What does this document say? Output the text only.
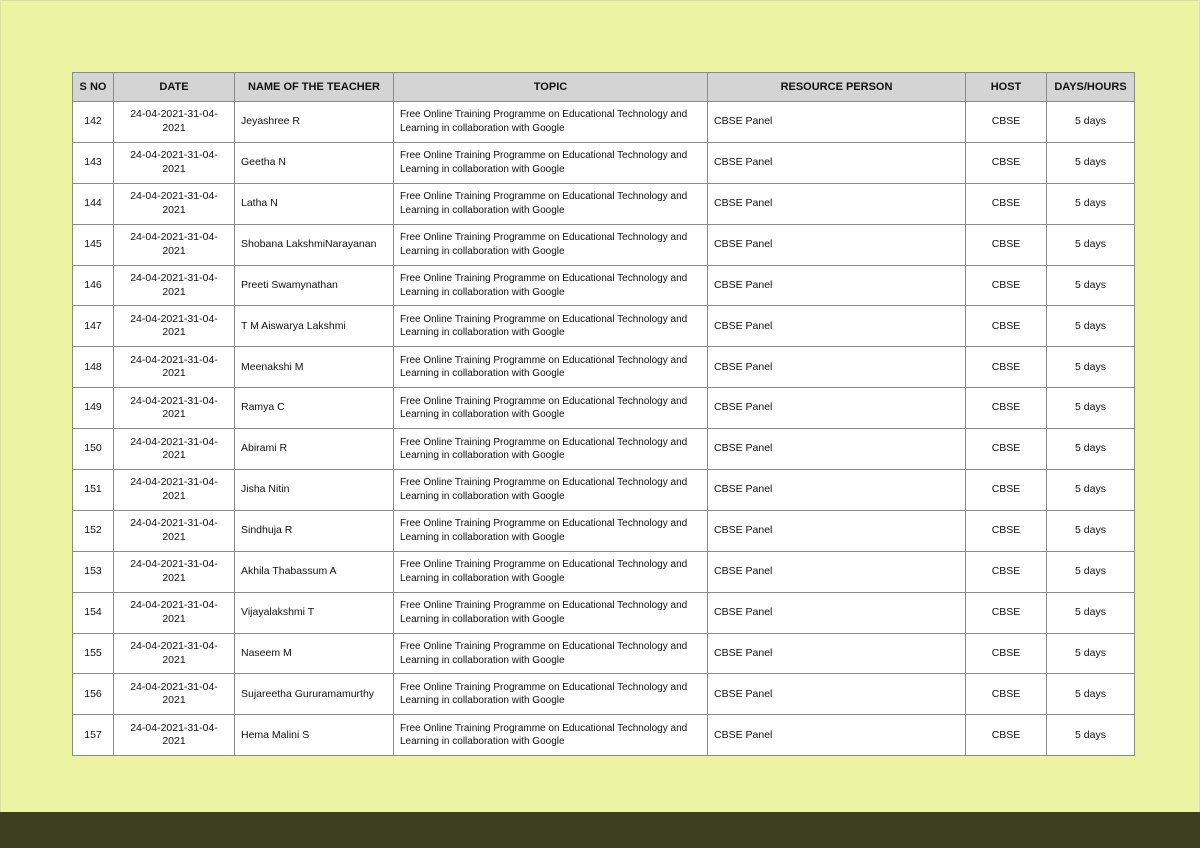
S NO	DATE	NAME OF THE TEACHER	TOPIC	RESOURCE PERSON	HOST	DAYS/HOURS
142	24-04-2021-31-04-2021	Jeyashree R	Free Online Training Programme on Educational Technology and Learning in collaboration with Google	CBSE Panel	CBSE	5 days
143	24-04-2021-31-04-2021	Geetha N	Free Online Training Programme on Educational Technology and Learning in collaboration with Google	CBSE Panel	CBSE	5 days
144	24-04-2021-31-04-2021	Latha N	Free Online Training Programme on Educational Technology and Learning in collaboration with Google	CBSE Panel	CBSE	5 days
145	24-04-2021-31-04-2021	Shobana LakshmiNarayanan	Free Online Training Programme on Educational Technology and Learning in collaboration with Google	CBSE Panel	CBSE	5 days
146	24-04-2021-31-04-2021	Preeti Swamynathan	Free Online Training Programme on Educational Technology and Learning in collaboration with Google	CBSE Panel	CBSE	5 days
147	24-04-2021-31-04-2021	T M Aiswarya Lakshmi	Free Online Training Programme on Educational Technology and Learning in collaboration with Google	CBSE Panel	CBSE	5 days
148	24-04-2021-31-04-2021	Meenakshi M	Free Online Training Programme on Educational Technology and Learning in collaboration with Google	CBSE Panel	CBSE	5 days
149	24-04-2021-31-04-2021	Ramya C	Free Online Training Programme on Educational Technology and Learning in collaboration with Google	CBSE Panel	CBSE	5 days
150	24-04-2021-31-04-2021	Abirami R	Free Online Training Programme on Educational Technology and Learning in collaboration with Google	CBSE Panel	CBSE	5 days
151	24-04-2021-31-04-2021	Jisha Nitin	Free Online Training Programme on Educational Technology and Learning in collaboration with Google	CBSE Panel	CBSE	5 days
152	24-04-2021-31-04-2021	Sindhuja R	Free Online Training Programme on Educational Technology and Learning in collaboration with Google	CBSE Panel	CBSE	5 days
153	24-04-2021-31-04-2021	Akhila Thabassum A	Free Online Training Programme on Educational Technology and Learning in collaboration with Google	CBSE Panel	CBSE	5 days
154	24-04-2021-31-04-2021	Vijayalakshmi T	Free Online Training Programme on Educational Technology and Learning in collaboration with Google	CBSE Panel	CBSE	5 days
155	24-04-2021-31-04-2021	Naseem M	Free Online Training Programme on Educational Technology and Learning in collaboration with Google	CBSE Panel	CBSE	5 days
156	24-04-2021-31-04-2021	Sujareetha Gururamamurthy	Free Online Training Programme on Educational Technology and Learning in collaboration with Google	CBSE Panel	CBSE	5 days
157	24-04-2021-31-04-2021	Hema Malini S	Free Online Training Programme on Educational Technology and Learning in collaboration with Google	CBSE Panel	CBSE	5 days
